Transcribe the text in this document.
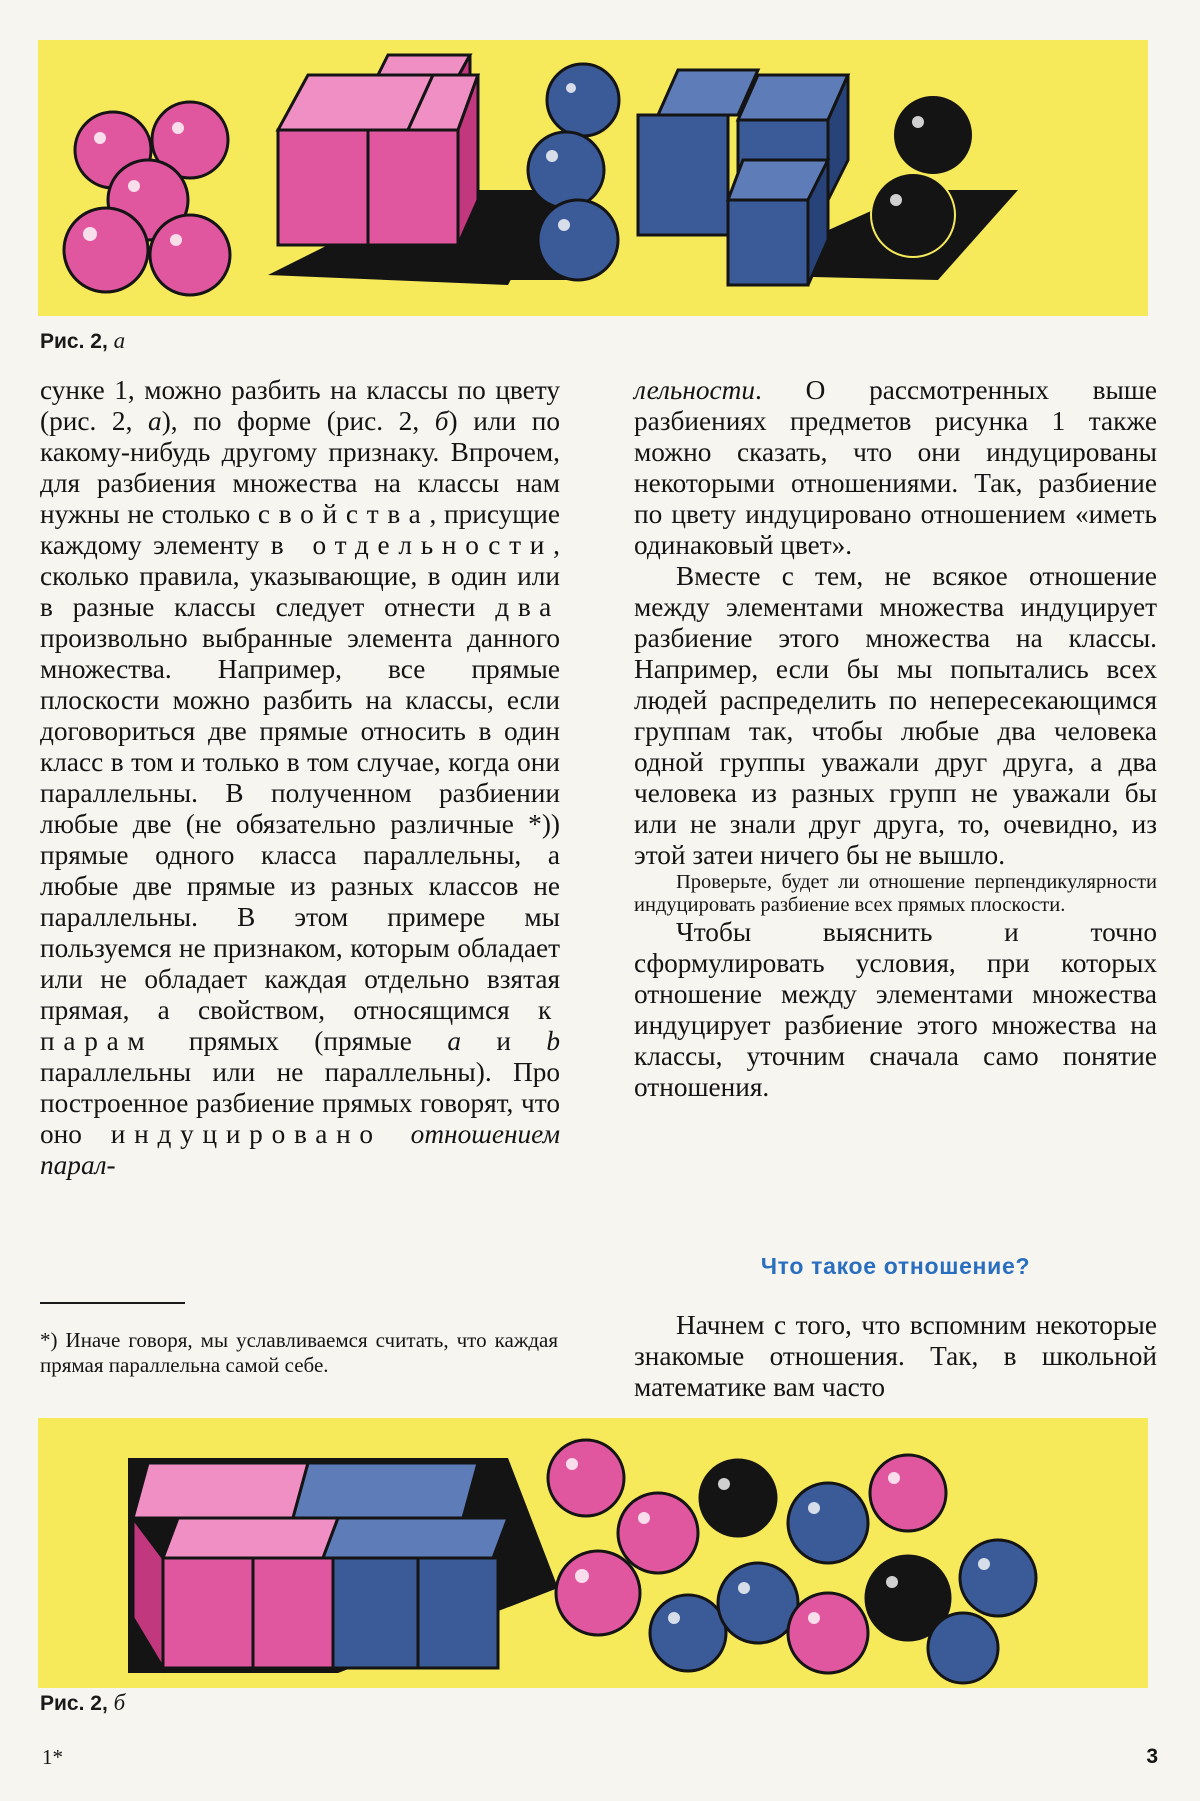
Рис. 2, а

сунке 1, можно разбить на классы по цвету (рис. 2, а), по форме (рис. 2, б) или по какому-нибудь другому признаку. Впрочем, для разбиения множества на классы нам нужны не столько свойства, присущие каждому элементу в отдельности, сколько правила, указывающие, в один или в разные классы следует отнести два произвольно выбранные элемента данного множества. Например, все прямые плоскости можно разбить на классы, если договориться две прямые относить в один класс в том и только в том случае, когда они параллельны. В полученном разбиении любые две (не обязательно различные *)) прямые одного класса параллельны, а любые две прямые из разных классов не параллельны. В этом примере мы пользуемся не признаком, которым обладает или не обладает каждая отдельно взятая прямая, а свойством, относящимся к парам прямых (прямые a и b параллельны или не параллельны). Про построенное разбиение прямых говорят, что оно индуцировано отношением парал-

*) Иначе говоря, мы уславливаемся считать, что каждая прямая параллельна самой себе.

лельности. О рассмотренных выше разбиениях предметов рисунка 1 также можно сказать, что они индуцированы некоторыми отношениями. Так, разбиение по цвету индуцировано отношением «иметь одинаковый цвет».

Вместе с тем, не всякое отношение между элементами множества индуцирует разбиение этого множества на классы. Например, если бы мы попытались всех людей распределить по непересекающимся группам так, чтобы любые два человека одной группы уважали друг друга, а два человека из разных групп не уважали бы или не знали друг друга, то, очевидно, из этой затеи ничего бы не вышло.

Проверьте, будет ли отношение перпендикулярности индуцировать разбиение всех прямых плоскости.

Чтобы выяснить и точно сформулировать условия, при которых отношение между элементами множества индуцирует разбиение этого множества на классы, уточним сначала само понятие отношения.

Что такое отношение?

Начнем с того, что вспомним некоторые знакомые отношения. Так, в школьной математике вам часто

Рис. 2, б
1*	3
